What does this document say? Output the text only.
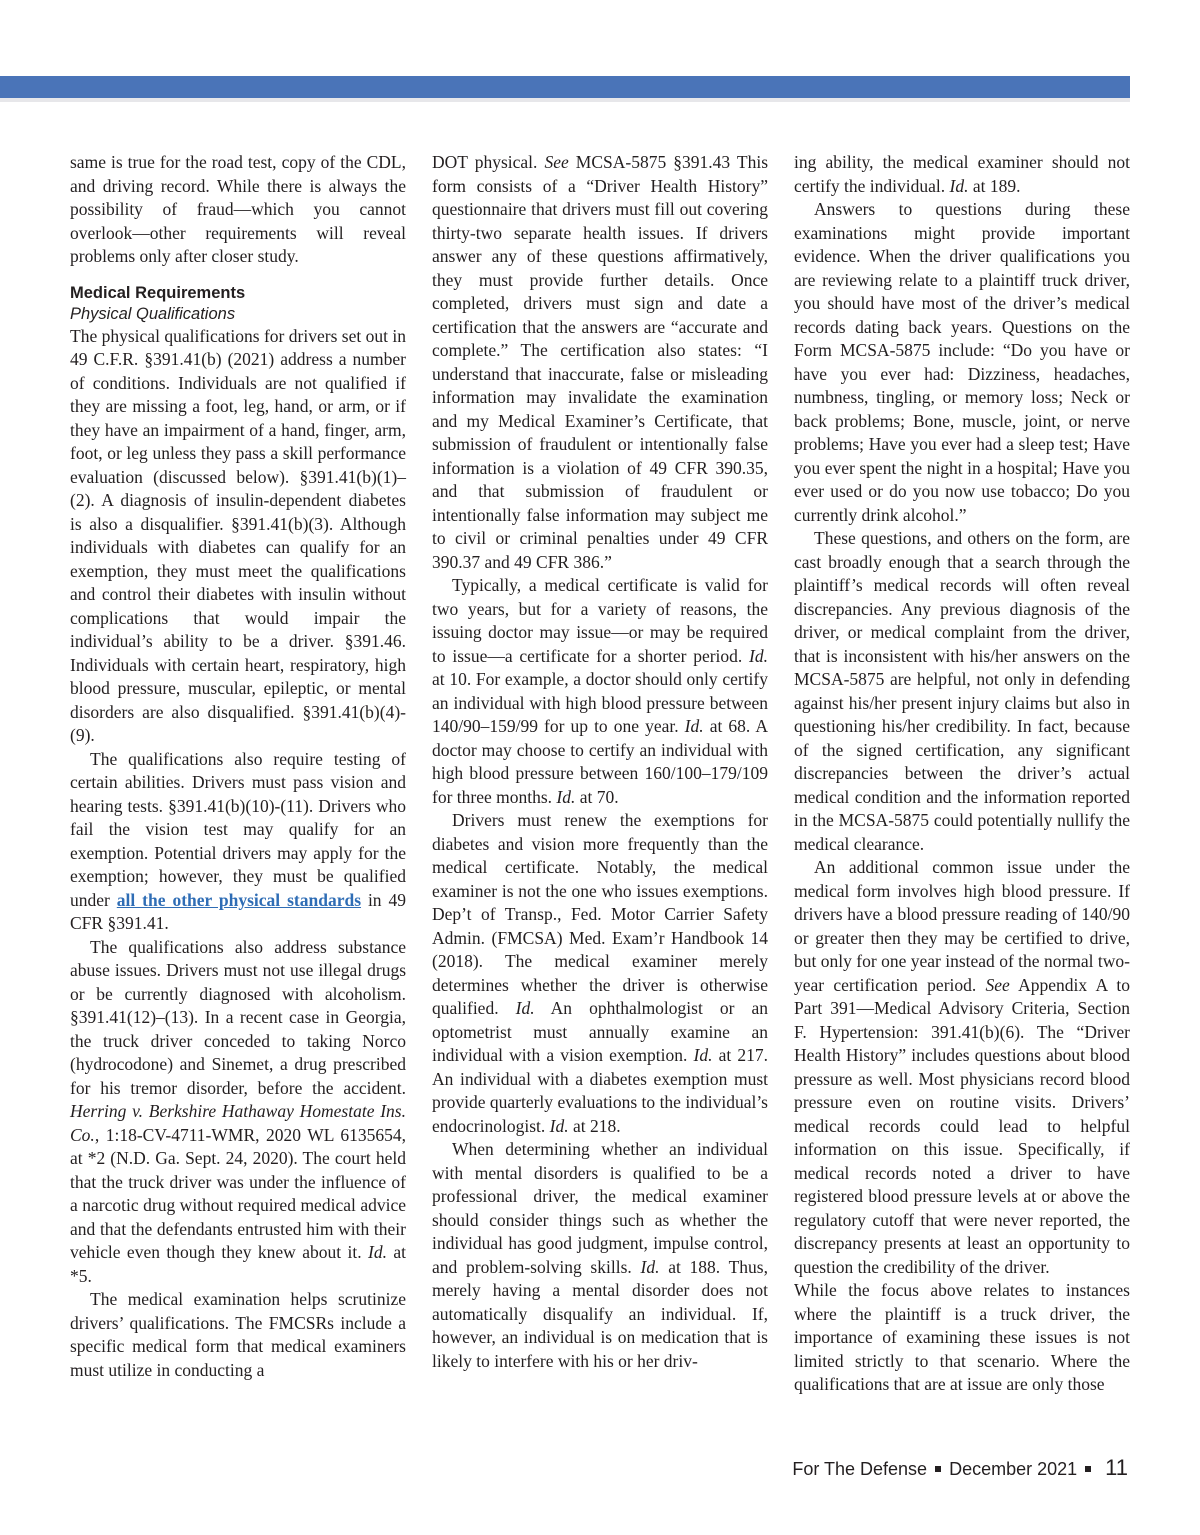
same is true for the road test, copy of the CDL, and driving record. While there is always the possibility of fraud—which you cannot overlook—other requirements will reveal problems only after closer study.

Medical Requirements
Physical Qualifications

The physical qualifications for drivers set out in 49 C.F.R. §391.41(b) (2021) address a number of conditions. Individuals are not qualified if they are missing a foot, leg, hand, or arm, or if they have an impairment of a hand, finger, arm, foot, or leg unless they pass a skill performance evaluation (discussed below). §391.41(b)(1)–(2). A diagnosis of insulin-dependent diabetes is also a disqualifier. §391.41(b)(3). Although individuals with diabetes can qualify for an exemption, they must meet the qualifications and control their diabetes with insulin without complications that would impair the individual’s ability to be a driver. §391.46. Individuals with certain heart, respiratory, high blood pressure, muscular, epileptic, or mental disorders are also disqualified. §391.41(b)(4)-(9).

The qualifications also require testing of certain abilities. Drivers must pass vision and hearing tests. §391.41(b)(10)-(11). Drivers who fail the vision test may qualify for an exemption. Potential drivers may apply for the exemption; however, they must be qualified under all the other physical standards in 49 CFR §391.41.

The qualifications also address substance abuse issues. Drivers must not use illegal drugs or be currently diagnosed with alcoholism. §391.41(12)–(13). In a recent case in Georgia, the truck driver conceded to taking Norco (hydrocodone) and Sinemet, a drug prescribed for his tremor disorder, before the accident. Herring v. Berkshire Hathaway Homestate Ins. Co., 1:18-CV-4711-WMR, 2020 WL 6135654, at *2 (N.D. Ga. Sept. 24, 2020). The court held that the truck driver was under the influence of a narcotic drug without required medical advice and that the defendants entrusted him with their vehicle even though they knew about it. Id. at *5.

The medical examination helps scrutinize drivers’ qualifications. The FMCSRs include a specific medical form that medical examiners must utilize in conducting a

DOT physical. See MCSA-5875 §391.43 This form consists of a “Driver Health History” questionnaire that drivers must fill out covering thirty-two separate health issues. If drivers answer any of these questions affirmatively, they must provide further details. Once completed, drivers must sign and date a certification that the answers are “accurate and complete.” The certification also states: “I understand that inaccurate, false or misleading information may invalidate the examination and my Medical Examiner’s Certificate, that submission of fraudulent or intentionally false information is a violation of 49 CFR 390.35, and that submission of fraudulent or intentionally false information may subject me to civil or criminal penalties under 49 CFR 390.37 and 49 CFR 386.”

Typically, a medical certificate is valid for two years, but for a variety of reasons, the issuing doctor may issue—or may be required to issue—a certificate for a shorter period. Id. at 10. For example, a doctor should only certify an individual with high blood pressure between 140/90–159/99 for up to one year. Id. at 68. A doctor may choose to certify an individual with high blood pressure between 160/100–179/109 for three months. Id. at 70.

Drivers must renew the exemptions for diabetes and vision more frequently than the medical certificate. Notably, the medical examiner is not the one who issues exemptions. Dep’t of Transp., Fed. Motor Carrier Safety Admin. (FMCSA) Med. Exam’r Handbook 14 (2018). The medical examiner merely determines whether the driver is otherwise qualified. Id. An ophthalmologist or an optometrist must annually examine an individual with a vision exemption. Id. at 217. An individual with a diabetes exemption must provide quarterly evaluations to the individual’s endocrinologist. Id. at 218.

When determining whether an individual with mental disorders is qualified to be a professional driver, the medical examiner should consider things such as whether the individual has good judgment, impulse control, and problem-solving skills. Id. at 188. Thus, merely having a mental disorder does not automatically disqualify an individual. If, however, an individual is on medication that is likely to interfere with his or her driv-

ing ability, the medical examiner should not certify the individual. Id. at 189.

Answers to questions during these examinations might provide important evidence. When the driver qualifications you are reviewing relate to a plaintiff truck driver, you should have most of the driver’s medical records dating back years. Questions on the Form MCSA-5875 include: “Do you have or have you ever had: Dizziness, headaches, numbness, tingling, or memory loss; Neck or back problems; Bone, muscle, joint, or nerve problems; Have you ever had a sleep test; Have you ever spent the night in a hospital; Have you ever used or do you now use tobacco; Do you currently drink alcohol.”

These questions, and others on the form, are cast broadly enough that a search through the plaintiff’s medical records will often reveal discrepancies. Any previous diagnosis of the driver, or medical complaint from the driver, that is inconsistent with his/her answers on the MCSA-5875 are helpful, not only in defending against his/her present injury claims but also in questioning his/her credibility. In fact, because of the signed certification, any significant discrepancies between the driver’s actual medical condition and the information reported in the MCSA-5875 could potentially nullify the medical clearance.

An additional common issue under the medical form involves high blood pressure. If drivers have a blood pressure reading of 140/90 or greater then they may be certified to drive, but only for one year instead of the normal two-year certification period. See Appendix A to Part 391—Medical Advisory Criteria, Section F. Hypertension: 391.41(b)(6). The “Driver Health History” includes questions about blood pressure as well. Most physicians record blood pressure even on routine visits. Drivers’ medical records could lead to helpful information on this issue. Specifically, if medical records noted a driver to have registered blood pressure levels at or above the regulatory cutoff that were never reported, the discrepancy presents at least an opportunity to question the credibility of the driver.

While the focus above relates to instances where the plaintiff is a truck driver, the importance of examining these issues is not limited strictly to that scenario. Where the qualifications that are at issue are only those

For The Defense December 2021 11
